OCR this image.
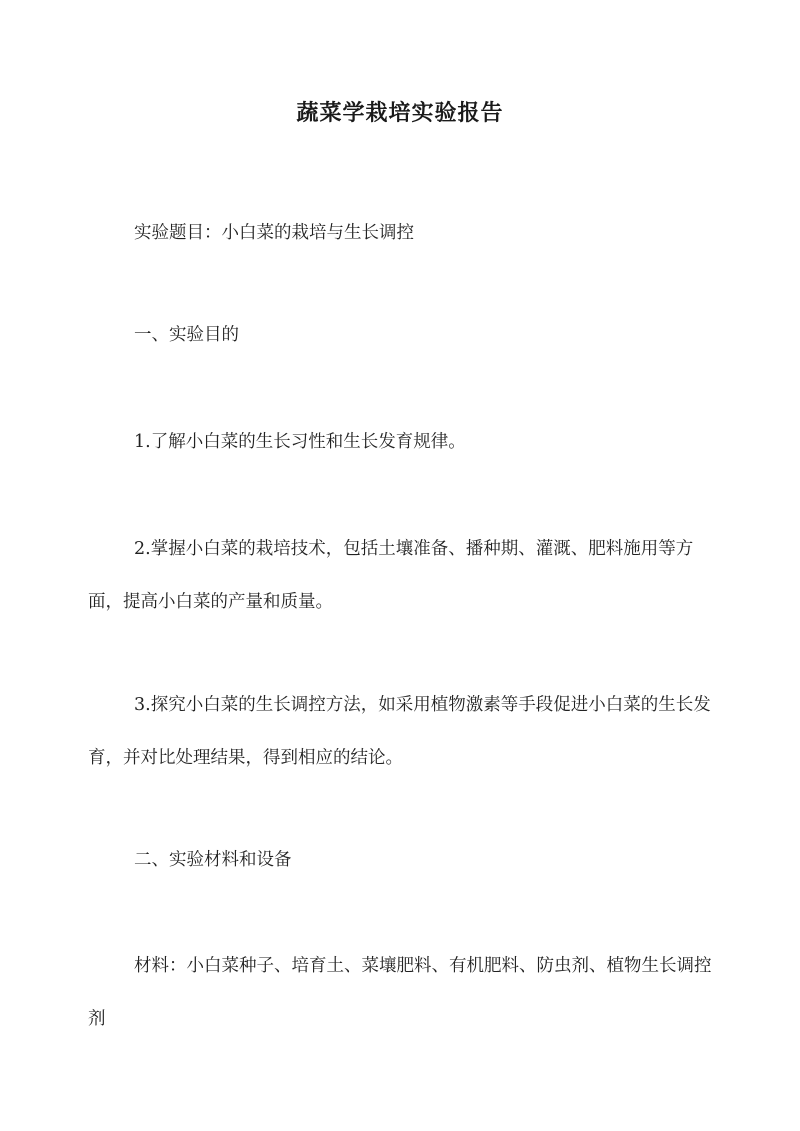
蔬菜学栽培实验报告
实验题目：小白菜的栽培与生长调控
一、实验目的
1.了解小白菜的生长习性和生长发育规律。
2.掌握小白菜的栽培技术，包括土壤准备、播种期、灌溉、肥料施用等方面，提高小白菜的产量和质量。
3.探究小白菜的生长调控方法，如采用植物激素等手段促进小白菜的生长发育，并对比处理结果，得到相应的结论。
二、实验材料和设备
材料：小白菜种子、培育土、菜壤肥料、有机肥料、防虫剂、植物生长调控剂
